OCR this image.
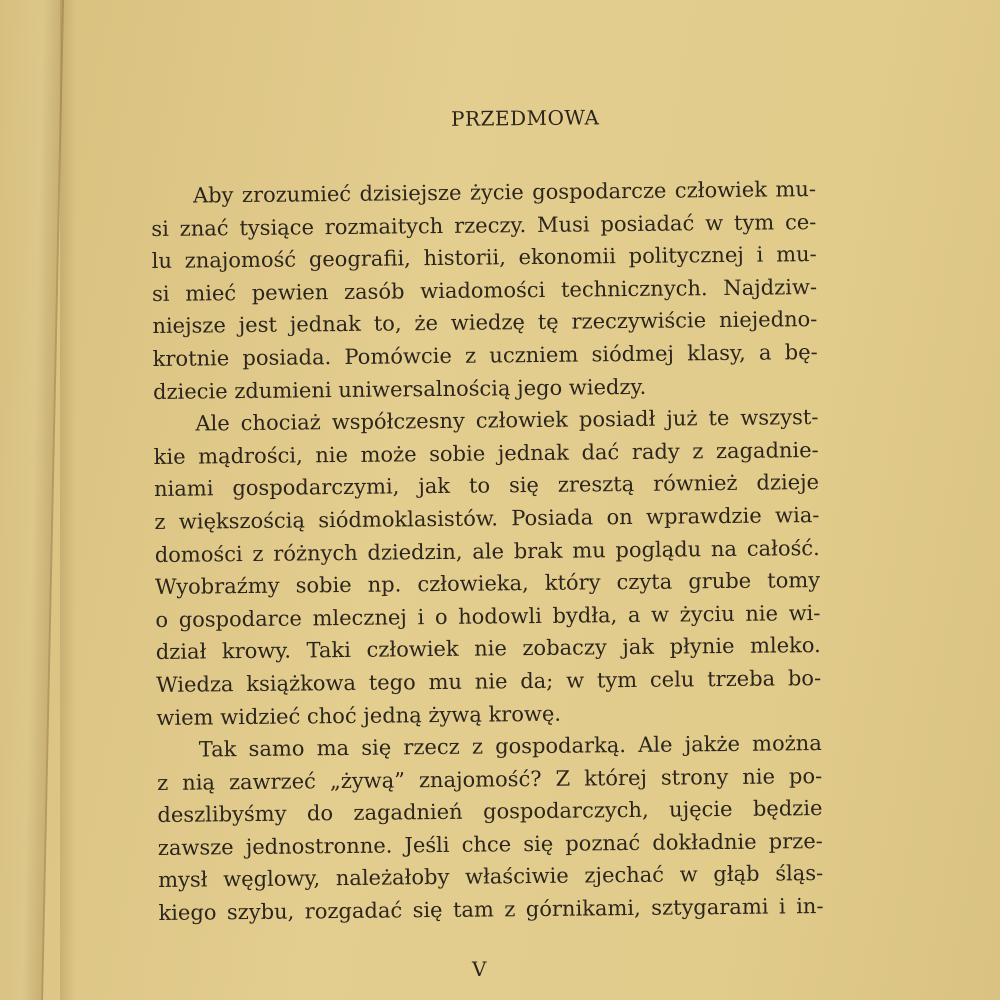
PRZEDMOWA
Aby zrozumieć dzisiejsze życie gospodarcze człowiek mu-
si znać tysiące rozmaitych rzeczy. Musi posiadać w tym ce-
lu znajomość geografii, historii, ekonomii politycznej i mu-
si mieć pewien zasób wiadomości technicznych. Najdziw-
niejsze jest jednak to, że wiedzę tę rzeczywiście niejedno-
krotnie posiada. Pomówcie z uczniem siódmej klasy, a bę-
dziecie zdumieni uniwersalnością jego wiedzy.
Ale chociaż współczesny człowiek posiadł już te wszyst-
kie mądrości, nie może sobie jednak dać rady z zagadnie-
niami gospodarczymi, jak to się zresztą również dzieje
z większością siódmoklasistów. Posiada on wprawdzie wia-
domości z różnych dziedzin, ale brak mu poglądu na całość.
Wyobraźmy sobie np. człowieka, który czyta grube tomy
o gospodarce mlecznej i o hodowli bydła, a w życiu nie wi-
dział krowy. Taki człowiek nie zobaczy jak płynie mleko.
Wiedza książkowa tego mu nie da; w tym celu trzeba bo-
wiem widzieć choć jedną żywą krowę.
Tak samo ma się rzecz z gospodarką. Ale jakże można
z nią zawrzeć „żywą” znajomość? Z której strony nie po-
deszlibyśmy do zagadnień gospodarczych, ujęcie będzie
zawsze jednostronne. Jeśli chce się poznać dokładnie prze-
mysł węglowy, należałoby właściwie zjechać w głąb śląs-
kiego szybu, rozgadać się tam z górnikami, sztygarami i in-
V
